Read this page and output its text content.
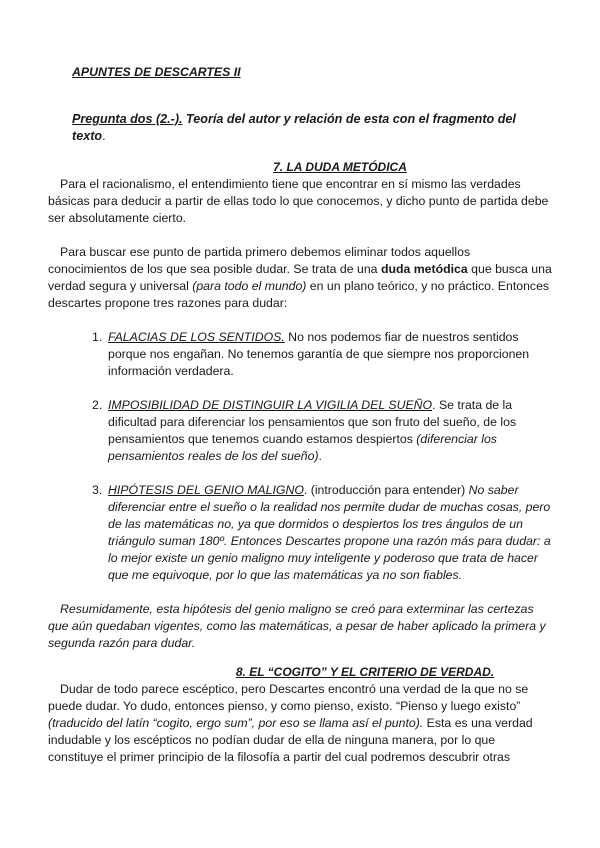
APUNTES DE DESCARTES II

Pregunta dos (2.-). Teoría del autor y relación de esta con el fragmento del texto.

7. LA DUDA METÓDICA

Para el racionalismo, el entendimiento tiene que encontrar en sí mismo las verdades básicas para deducir a partir de ellas todo lo que conocemos, y dicho punto de partida debe ser absolutamente cierto.

Para buscar ese punto de partida primero debemos eliminar todos aquellos conocimientos de los que sea posible dudar. Se trata de una duda metódica que busca una verdad segura y universal (para todo el mundo) en un plano teórico, y no práctico. Entonces descartes propone tres razones para dudar:

1. FALACIAS DE LOS SENTIDOS. No nos podemos fiar de nuestros sentidos porque nos engañan. No tenemos garantía de que siempre nos proporcionen información verdadera.
2. IMPOSIBILIDAD DE DISTINGUIR LA VIGILIA DEL SUEÑO. Se trata de la dificultad para diferenciar los pensamientos que son fruto del sueño, de los pensamientos que tenemos cuando estamos despiertos (diferenciar los pensamientos reales de los del sueño).
3. HIPÓTESIS DEL GENIO MALIGNO. (introducción para entender) No saber diferenciar entre el sueño o la realidad nos permite dudar de muchas cosas, pero de las matemáticas no, ya que dormidos o despiertos los tres ángulos de un triángulo suman 180º. Entonces Descartes propone una razón más para dudar: a lo mejor existe un genio maligno muy inteligente y poderoso que trata de hacer que me equivoque, por lo que las matemáticas ya no son fiables.

Resumidamente, esta hipótesis del genio maligno se creó para exterminar las certezas que aún quedaban vigentes, como las matemáticas, a pesar de haber aplicado la primera y segunda razón para dudar.

8. EL “COGITO” Y EL CRITERIO DE VERDAD.

Dudar de todo parece escéptico, pero Descartes encontró una verdad de la que no se puede dudar. Yo dudo, entonces pienso, y como pienso, existo. “Pienso y luego existo” (traducido del latín “cogito, ergo sum”, por eso se llama así el punto). Esta es una verdad indudable y los escépticos no podían dudar de ella de ninguna manera, por lo que constituye el primer principio de la filosofía a partir del cual podremos descubrir otras
